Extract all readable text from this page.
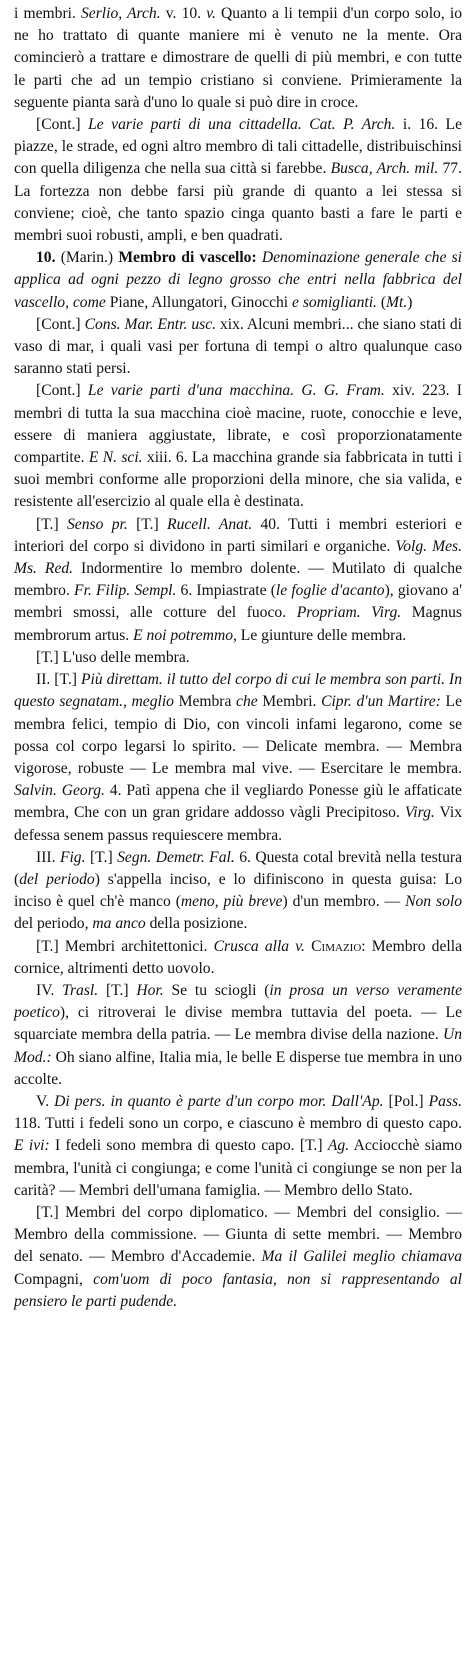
i membri. Serlio, Arch. v. 10. v. Quanto a li tempii d'un corpo solo, io ne ho trattato di quante maniere mi è venuto ne la mente. Ora comincierò a trattare e dimostrare de quelli di più membri, e con tutte le parti che ad un tempio cristiano si conviene. Primieramente la seguente pianta sarà d'uno lo quale si può dire in croce.

[Cont.] Le varie parti di una cittadella. Cat. P. Arch. i. 16. Le piazze, le strade, ed ogni altro membro di tali cittadelle, distribuischinsi con quella diligenza che nella sua città si farebbe. Busca, Arch. mil. 77. La fortezza non debbe farsi più grande di quanto a lei stessa si conviene; cioè, che tanto spazio cinga quanto basti a fare le parti e membri suoi robusti, ampli, e ben quadrati.

10. (Marin.) Membro di vascello: Denominazione generale che si applica ad ogni pezzo di legno grosso che entri nella fabbrica del vascello, come Piane, Allungatori, Ginocchi e somiglianti. (Mt.)

[Cont.] Cons. Mar. Entr. usc. xix. Alcuni membri... che siano stati di vaso di mar, i quali vasi per fortuna di tempi o altro qualunque caso saranno stati persi.

[Cont.] Le varie parti d'una macchina. G. G. Fram. xiv. 223. I membri di tutta la sua macchina cioè macine, ruote, conocchie e leve, essere di maniera aggiustate, librate, e così proporzionatamente compartite. E N. sci. xiii. 6. La macchina grande sia fabbricata in tutti i suoi membri conforme alle proporzioni della minore, che sia valida, e resistente all'esercizio al quale ella è destinata.

[T.] Senso pr. [T.] Rucell. Anat. 40. Tutti i membri esteriori e interiori del corpo si dividono in parti similari e organiche. Volg. Mes. Ms. Red. Indormentire lo membro dolente. — Mutilato di qualche membro. Fr. Filip. Sempl. 6. Impiastrate (le foglie d'acanto), giovano a' membri smossi, alle cotture del fuoco. Propriam. Virg. Magnus membrorum artus. E noi potremmo, Le giunture delle membra.

[T.] L'uso delle membra.

II. [T.] Più direttam. il tutto del corpo di cui le membra son parti. In questo segnatam., meglio Membra che Membri. Cipr. d'un Martire: Le membra felici, tempio di Dio, con vincoli infami legarono, come se possa col corpo legarsi lo spirito. — Delicate membra. — Membra vigorose, robuste — Le membra mal vive. — Esercitare le membra. Salvin. Georg. 4. Patì appena che il vegliardo Ponesse giù le affaticate membra, Che con un gran gridare addosso vàgli Precipitoso. Virg. Vix defessa senem passus requiescere membra.

III. Fig. [T.] Segn. Demetr. Fal. 6. Questa cotal brevità nella testura (del periodo) s'appella inciso, e lo difiniscono in questa guisa: Lo inciso è quel ch'è manco (meno, più breve) d'un membro. — Non solo del periodo, ma anco della posizione.

[T.] Membri architettonici. Crusca alla v. Cimazio: Membro della cornice, altrimenti detto uovolo.

IV. Trasl. [T.] Hor. Se tu sciogli (in prosa un verso veramente poetico), ci ritroverai le divise membra tuttavia del poeta. — Le squarciate membra della patria. — Le membra divise della nazione. Un Mod.: Oh siano alfine, Italia mia, le belle E disperse tue membra in uno accolte.

V. Di pers. in quanto è parte d'un corpo mor. Dall'Ap. [Pol.] Pass. 118. Tutti i fedeli sono un corpo, e ciascuno è membro di questo capo. E ivi: I fedeli sono membra di questo capo. [T.] Ag. Acciocchè siamo membra, l'unità ci congiunga; e come l'unità ci congiunge se non per la carità? — Membri dell'umana famiglia. — Membro dello Stato.

[T.] Membri del corpo diplomatico. — Membri del consiglio. — Membro della commissione. — Giunta di sette membri. — Membro del senato. — Membro d'Accademie. Ma il Galilei meglio chiamava Compagni, com'uom di poco fantasia, non si rappresentando al pensiero le parti pudende.
